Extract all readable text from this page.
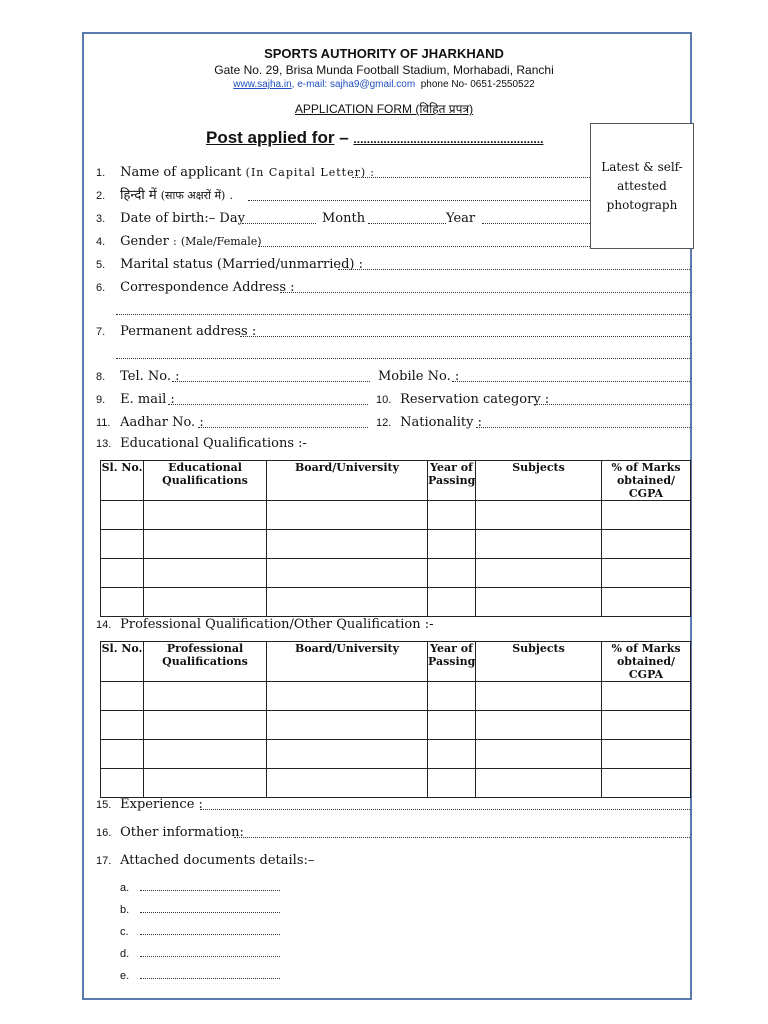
SPORTS AUTHORITY OF JHARKHAND
Gate No. 29, Brisa Munda Football Stadium, Morhabadi, Ranchi
www.sajha.in, e-mail: sajha9@gmail.com phone No- 0651-2550522
APPLICATION FORM (विहित प्रपत्र)
Post applied for – .........................................................
Latest & self-
attested
photograph
1. Name of applicant (In Capital Letter) :
2. हिन्दी में (साफ अक्षरों में) .
3. Date of birth:– Day	Month	Year
4. Gender : (Male/Female)
5. Marital status (Married/unmarried) :
6. Correspondence Address :
7. Permanent address :
8. Tel. No. :	Mobile No. :
9. E. mail :	10. Reservation category :
11. Aadhar No. :	12. Nationality :
13. Educational Qualifications :-
Sl. No.	Educational Qualifications	Board/University	Year of Passing	Subjects	% of Marks obtained/ CGPA

14. Professional Qualification/Other Qualification :-
Sl. No.	Professional Qualifications	Board/University	Year of Passing	Subjects	% of Marks obtained/ CGPA

15. Experience :
16. Other information:
17. Attached documents details:–
a.
b.
c.
d.
e.
